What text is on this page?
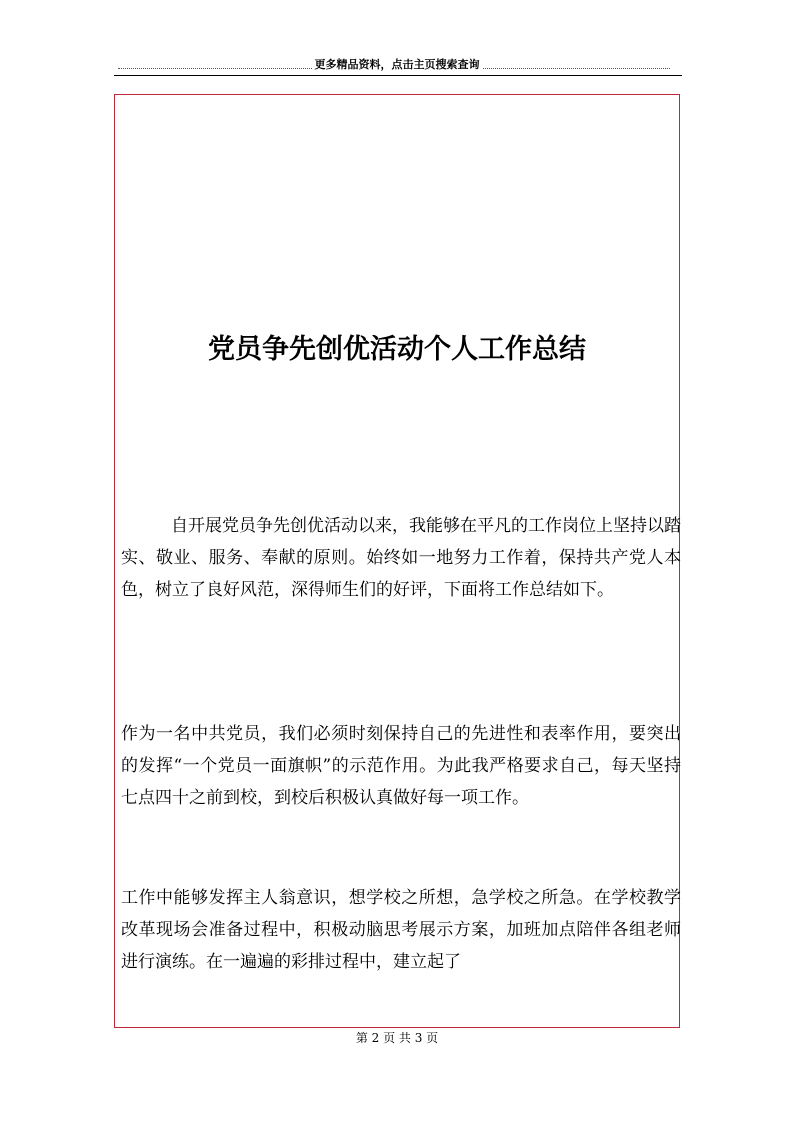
更多精品资料，点击主页搜索查询
党员争先创优活动个人工作总结

自开展党员争先创优活动以来，我能够在平凡的工作岗位上坚持以踏实、敬业、服务、奉献的原则。始终如一地努力工作着，保持共产党人本色，树立了良好风范，深得师生们的好评，下面将工作总结如下。

作为一名中共党员，我们必须时刻保持自己的先进性和表率作用，要突出的发挥“一个党员一面旗帜”的示范作用。为此我严格要求自己，每天坚持七点四十之前到校，到校后积极认真做好每一项工作。

工作中能够发挥主人翁意识，想学校之所想，急学校之所急。在学校教学改革现场会准备过程中，积极动脑思考展示方案，加班加点陪伴各组老师进行演练。在一遍遍的彩排过程中，建立起了

第 2 页 共 3 页
